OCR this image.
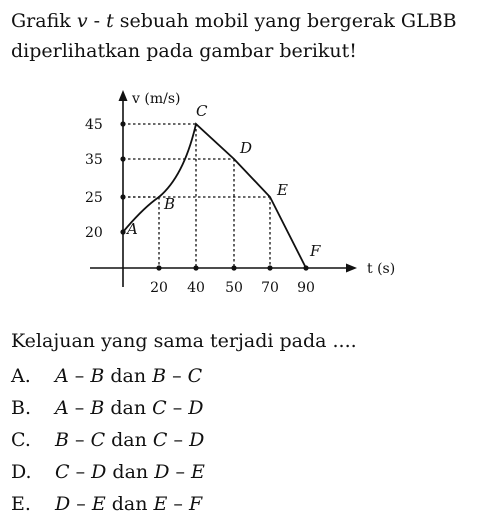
Grafik v - t sebuah mobil yang bergerak GLBB
diperlihatkan pada gambar berikut!
20 40 50 70 90
20
35
45
25
A
B
C
D
E
F
v (m/s)
t (s)
Kelajuan yang sama terjadi pada ....
A. A – B dan B – C
B. A – B dan C – D
C. B – C dan C – D
D. C – D dan D – E
E. D – E dan E – F
